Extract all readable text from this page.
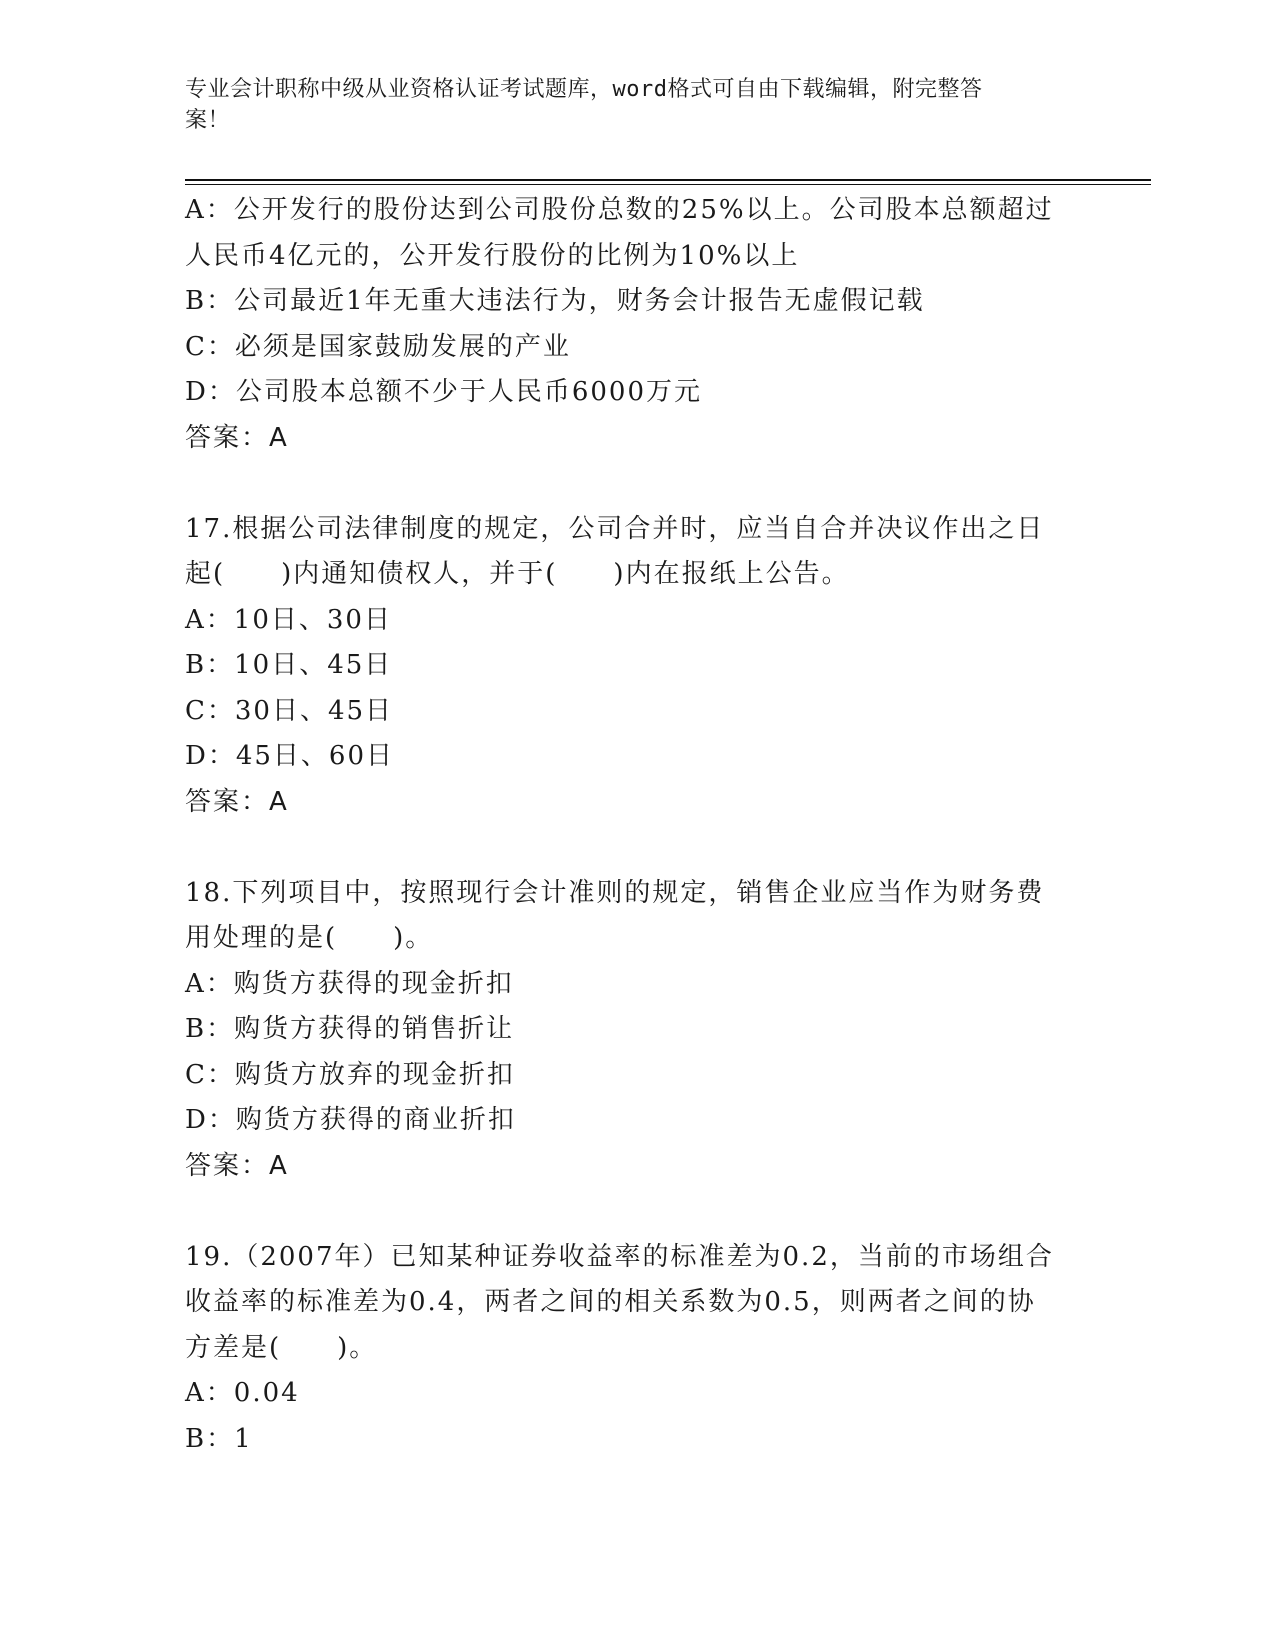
专业会计职称中级从业资格认证考试题库，word格式可自由下载编辑，附完整答
案！
A：公开发行的股份达到公司股份总数的25%以上。公司股本总额超过
人民币4亿元的，公开发行股份的比例为10%以上
B：公司最近1年无重大违法行为，财务会计报告无虚假记载
C：必须是国家鼓励发展的产业
D：公司股本总额不少于人民币6000万元
答案：A
17.根据公司法律制度的规定，公司合并时，应当自合并决议作出之日
起(　　)内通知债权人，并于(　　)内在报纸上公告。
A：10日、30日
B：10日、45日
C：30日、45日
D：45日、60日
答案：A
18.下列项目中，按照现行会计准则的规定，销售企业应当作为财务费
用处理的是(　　)。
A：购货方获得的现金折扣
B：购货方获得的销售折让
C：购货方放弃的现金折扣
D：购货方获得的商业折扣
答案：A
19.（2007年）已知某种证券收益率的标准差为0.2，当前的市场组合
收益率的标准差为0.4，两者之间的相关系数为0.5，则两者之间的协
方差是(　　)。
A：0.04
B：1
